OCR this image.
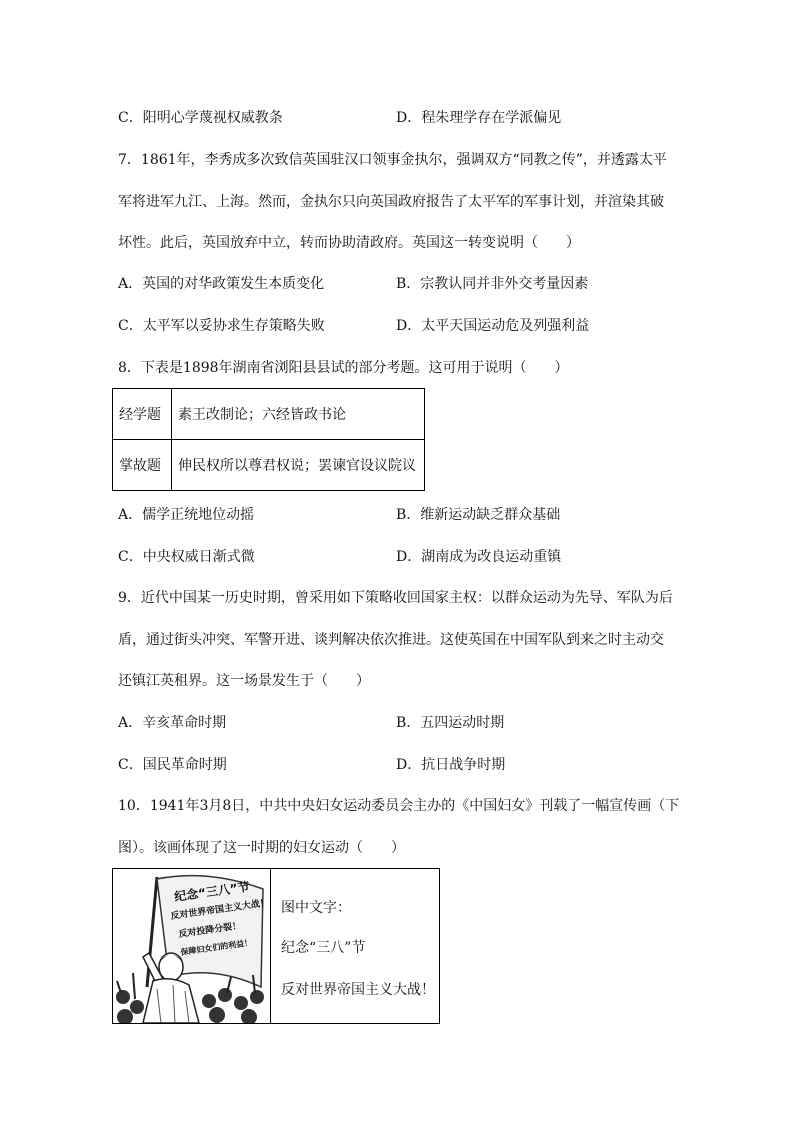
C．阳明心学蔑视权威教条	D．程朱理学存在学派偏见
7．1861年，李秀成多次致信英国驻汉口领事金执尔，强调双方“同教之传”，并透露太平
军将进军九江、上海。然而，金执尔只向英国政府报告了太平军的军事计划，并渲染其破
坏性。此后，英国放弃中立，转而协助清政府。英国这一转变说明（　　）
A．英国的对华政策发生本质变化	B．宗教认同并非外交考量因素
C．太平军以妥协求生存策略失败	D．太平天国运动危及列强利益
8．下表是1898年湖南省浏阳县县试的部分考题。这可用于说明（　　）
经学题	素王改制论；六经皆政书论
掌故题	伸民权所以尊君权说；罢谏官设议院议
A．儒学正统地位动摇	B．维新运动缺乏群众基础
C．中央权威日渐式微	D．湖南成为改良运动重镇
9．近代中国某一历史时期，曾采用如下策略收回国家主权：以群众运动为先导、军队为后
盾，通过街头冲突、军警开进、谈判解决依次推进。这使英国在中国军队到来之时主动交
还镇江英租界。这一场景发生于（　　）
A．辛亥革命时期	B．五四运动时期
C．国民革命时期	D．抗日战争时期
10．1941年3月8日，中共中央妇女运动委员会主办的《中国妇女》刊载了一幅宣传画（下
图）。该画体现了这一时期的妇女运动（　　）
纪念“三八”节
反对世界帝国主义大战！
反对投降分裂！
保障妇女们的利益！
图中文字：
纪念“三八”节
反对世界帝国主义大战！
